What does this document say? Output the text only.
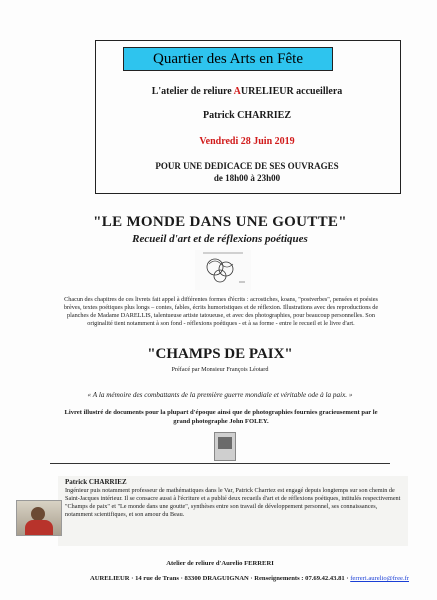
Quartier des Arts en Fête
L'atelier de reliure AURELIEUR accueillera
Patrick CHARRIEZ
Vendredi 28 Juin 2019
POUR UNE DEDICACE DE SES OUVRAGES
de 18h00 à 23h00
"LE MONDE DANS UNE GOUTTE"
Recueil d'art et de réflexions poétiques
Chacun des chapitres de ces livrets fait appel à différentes formes d'écrits : acrostiches, koans, "postverbes", pensées et poésies brèves, textes poétiques plus longs – contes, fables, écrits humoristiques et de réflexion. Illustrations avec des reproductions de planches de Madame DARELLIS, talentueuse artiste tatoueuse, et avec des photographies, pour beaucoup personnelles. Son originalité tient notamment à son fond - réflexions poétiques - et à sa forme - entre le recueil et le livre d'art.
"CHAMPS DE PAIX"
Préfacé par Monsieur François Léotard
« A la mémoire des combattants de la première guerre mondiale et véritable ode à la paix. »
Livret illustré de documents pour la plupart d'époque ainsi que de photographies fournies gracieusement par le grand photographe John FOLEY.
Patrick CHARRIEZ
Ingénieur puis notamment professeur de mathématiques dans le Var, Patrick Charriez est engagé depuis longtemps sur son chemin de Saint-Jacques intérieur. Il se consacre aussi à l'écriture et a publié deux recueils d'art et de réflexions poétiques, intitulés respectivement "Champs de paix" et "Le monde dans une goutte", synthèses entre son travail de développement personnel, ses connaissances, notamment scientifiques, et son amour du Beau.
Atelier de reliure d'Aurelio FERRERI
AURELIEUR · 14 rue de Trans · 83300 DRAGUIGNAN · Renseignements : 07.69.42.43.81 · ferreri.aurelio@free.fr
